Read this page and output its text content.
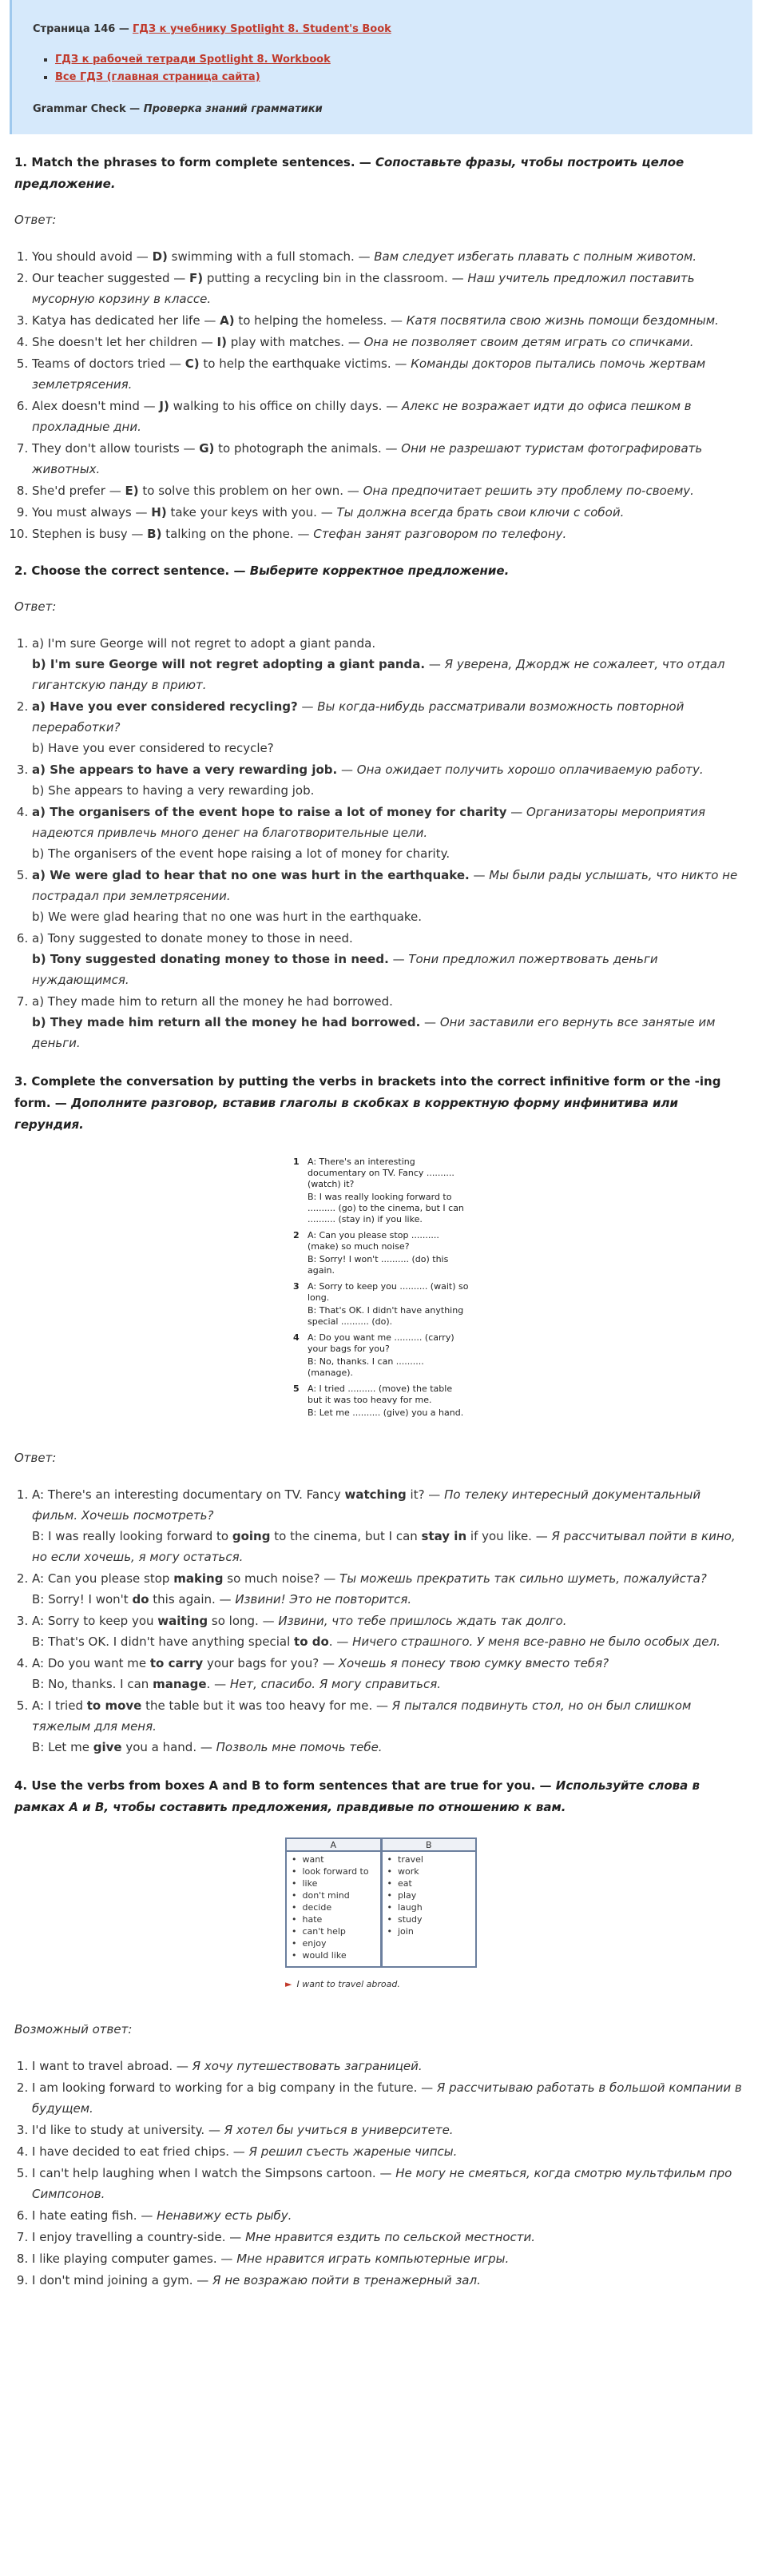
Страница 146 — ГДЗ к учебнику Spotlight 8. Student's Book
▪ ГДЗ к рабочей тетради Spotlight 8. Workbook
▪ Все ГДЗ (главная страница сайта)
Grammar Check — Проверка знаний грамматики
1. Match the phrases to form complete sentences. — Сопоставьте фразы, чтобы построить целое предложение.
Ответ:
1. You should avoid — D) swimming with a full stomach. — Вам следует избегать плавать с полным животом.
2. Our teacher suggested — F) putting a recycling bin in the classroom. — Наш учитель предложил поставить мусорную корзину в классе.
3. Katya has dedicated her life — A) to helping the homeless. — Катя посвятила свою жизнь помощи бездомным.
4. She doesn't let her children — I) play with matches. — Она не позволяет своим детям играть со спичками.
5. Teams of doctors tried — C) to help the earthquake victims. — Команды докторов пытались помочь жертвам землетрясения.
6. Alex doesn't mind — J) walking to his office on chilly days. — Алекс не возражает идти до офиса пешком в прохладные дни.
7. They don't allow tourists — G) to photograph the animals. — Они не разрешают туристам фотографировать животных.
8. She'd prefer — E) to solve this problem on her own. — Она предпочитает решить эту проблему по-своему.
9. You must always — H) take your keys with you. — Ты должна всегда брать свои ключи с собой.
10. Stephen is busy — B) talking on the phone. — Стефан занят разговором по телефону.
2. Choose the correct sentence. — Выберите корректное предложение.
Ответ:
1. a) I'm sure George will not regret to adopt a giant panda.
b) I'm sure George will not regret adopting a giant panda. — Я уверена, Джордж не сожалеет, что отдал гигантскую панду в приют.
2. a) Have you ever considered recycling? — Вы когда-нибудь рассматривали возможность повторной переработки?
b) Have you ever considered to recycle?
3. a) She appears to have a very rewarding job. — Она ожидает получить хорошо оплачиваемую работу.
b) She appears to having a very rewarding job.
4. a) The organisers of the event hope to raise a lot of money for charity — Организаторы мероприятия надеются привлечь много денег на благотворительные цели.
b) The organisers of the event hope raising a lot of money for charity.
5. a) We were glad to hear that no one was hurt in the earthquake. — Мы были рады услышать, что никто не пострадал при землетрясении.
b) We were glad hearing that no one was hurt in the earthquake.
6. a) Tony suggested to donate money to those in need.
b) Tony suggested donating money to those in need. — Тони предложил пожертвовать деньги нуждающимся.
7. a) They made him to return all the money he had borrowed.
b) They made him return all the money he had borrowed. — Они заставили его вернуть все занятые им деньги.
3. Complete the conversation by putting the verbs in brackets into the correct infinitive form or the -ing form. — Дополните разговор, вставив глаголы в скобках в корректную форму инфинитива или герундия.
1 A: There's an interesting documentary on TV. Fancy .......... (watch) it?
B: I was really looking forward to .......... (go) to the cinema, but I can .......... (stay in) if you like.
2 A: Can you please stop .......... (make) so much noise?
B: Sorry! I won't .......... (do) this again.
3 A: Sorry to keep you .......... (wait) so long.
B: That's OK. I didn't have anything special .......... (do).
4 A: Do you want me .......... (carry) your bags for you?
B: No, thanks. I can .......... (manage).
5 A: I tried .......... (move) the table but it was too heavy for me.
B: Let me .......... (give) you a hand.
Ответ:
1. A: There's an interesting documentary on TV. Fancy watching it? — По телеку интересный документальный фильм. Хочешь посмотреть?
B: I was really looking forward to going to the cinema, but I can stay in if you like. — Я рассчитывал пойти в кино, но если хочешь, я могу остаться.
2. A: Can you please stop making so much noise? — Ты можешь прекратить так сильно шуметь, пожалуйста?
B: Sorry! I won't do this again. — Извини! Это не повторится.
3. A: Sorry to keep you waiting so long. — Извини, что тебе пришлось ждать так долго.
B: That's OK. I didn't have anything special to do. — Ничего страшного. У меня все-равно не было особых дел.
4. A: Do you want me to carry your bags for you? — Хочешь я понесу твою сумку вместо тебя?
B: No, thanks. I can manage. — Нет, спасибо. Я могу справиться.
5. A: I tried to move the table but it was too heavy for me. — Я пытался подвинуть стол, но он был слишком тяжелым для меня.
B: Let me give you a hand. — Позволь мне помочь тебе.
4. Use the verbs from boxes A and B to form sentences that are true for you. — Используйте слова в рамках A и B, чтобы составить предложения, правдивые по отношению к вам.
A
• want
• look forward to
• like
• don't mind
• decide
• hate
• can't help
• enjoy
• would like
B
• travel
• work
• eat
• play
• laugh
• study
• join
► I want to travel abroad.
Возможный ответ:
1. I want to travel abroad. — Я хочу путешествовать заграницей.
2. I am looking forward to working for a big company in the future. — Я рассчитываю работать в большой компании в будущем.
3. I'd like to study at university. — Я хотел бы учиться в университете.
4. I have decided to eat fried chips. — Я решил съесть жареные чипсы.
5. I can't help laughing when I watch the Simpsons cartoon. — Не могу не смеяться, когда смотрю мультфильм про Симпсонов.
6. I hate eating fish. — Ненавижу есть рыбу.
7. I enjoy travelling a country-side. — Мне нравится ездить по сельской местности.
8. I like playing computer games. — Мне нравится играть компьютерные игры.
9. I don't mind joining a gym. — Я не возражаю пойти в тренажерный зал.
